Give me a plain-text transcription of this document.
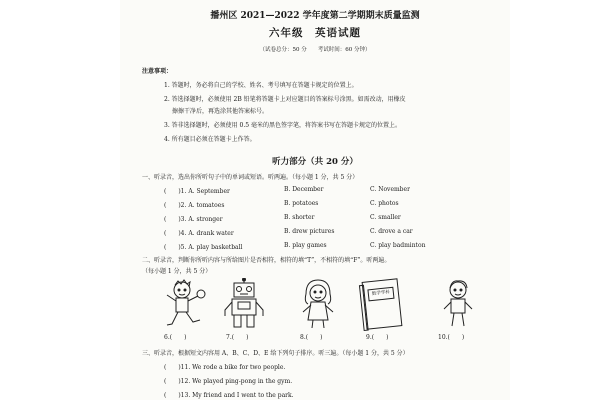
播州区 2021—2022 学年度第二学期期末质量监测
六年级　英语试题
（试卷总分：50 分　　考试时间：60 分钟）
注意事项：
1. 答题时，务必将自己的学校、姓名、考号填写在答题卡规定的位置上。
2. 答选择题时，必须使用 2B 铅笔将答题卡上对应题目的答案标号涂黑。如需改动，用橡皮
擦擦干净后，再选涂其他答案标号。
3. 答非选择题时，必须使用 0.5 毫米的黑色签字笔，将答案书写在答题卡规定的位置上。
4. 所有题目必须在答题卡上作答。
听力部分（共 20 分）
一、听录音，选出你所听句子中的单词或短语。听两遍。（每小题 1 分，共 5 分）
(　　)1. A. September	B. December	C. November
(　　)2. A. tomatoes	B. potatoes	C. photos
(　　)3. A. stronger	B. shorter	C. smaller
(　　)4. A. drank water	B. drew pictures	C. drove a car
(　　)5. A. play basketball	B. play games	C. play badminton
二、听录音，判断你所听内容与所给图片是否相符，相符的填“T”，不相符的填“F”。听两遍。
（每小题 1 分，共 5 分）
数学学科
6.(　　)	7.(　　)	8.(　　)	9.(　　)	10.(　　)
三、听录音，根据短文内容用 A、B、C、D、E 给下列句子排序。听三遍。（每小题 1 分，共 5 分）
(　　)11. We rode a bike for two people.
(　　)12. We played ping-pong in the gym.
(　　)13. My friend and I went to the park.
